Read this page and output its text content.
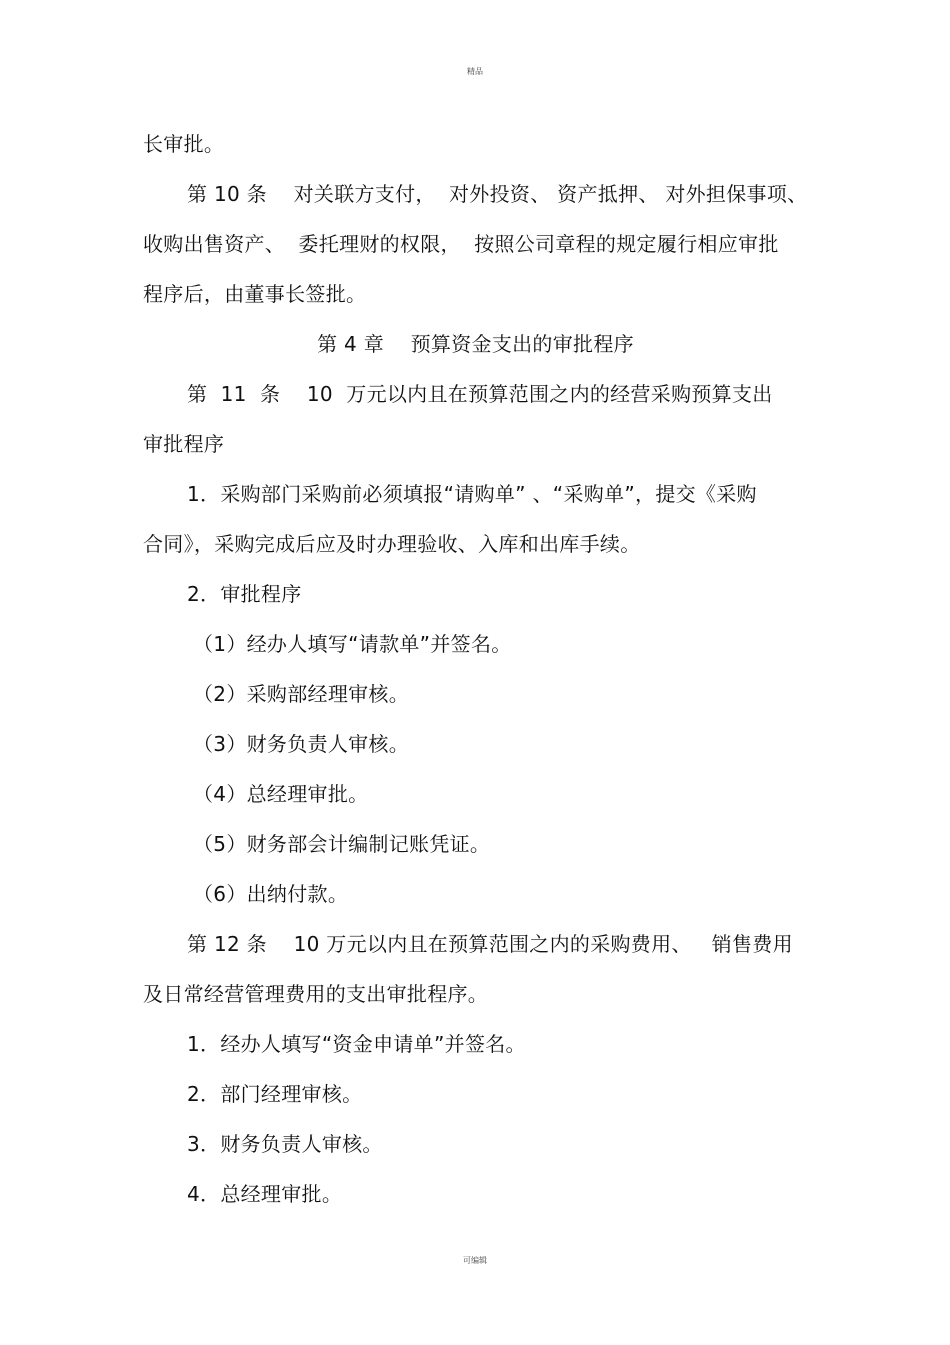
精品
长审批。
第 10 条    对关联方支付，  对外投资、 资产抵押、 对外担保事项、
收购出售资产、  委托理财的权限，  按照公司章程的规定履行相应审批
程序后，由董事长签批。
第 4 章    预算资金支出的审批程序
第  11  条    10  万元以内且在预算范围之内的经营采购预算支出
审批程序
1．采购部门采购前必须填报“请购单” 、“采购单”，提交《采购
合同》，采购完成后应及时办理验收、入库和出库手续。
2．审批程序
（1）经办人填写“请款单”并签名。
（2）采购部经理审核。
（3）财务负责人审核。
（4）总经理审批。
（5）财务部会计编制记账凭证。
（6）出纳付款。
第 12 条    10 万元以内且在预算范围之内的采购费用、   销售费用
及日常经营管理费用的支出审批程序。
1．经办人填写“资金申请单”并签名。
2．部门经理审核。
3．财务负责人审核。
4．总经理审批。
可编辑
